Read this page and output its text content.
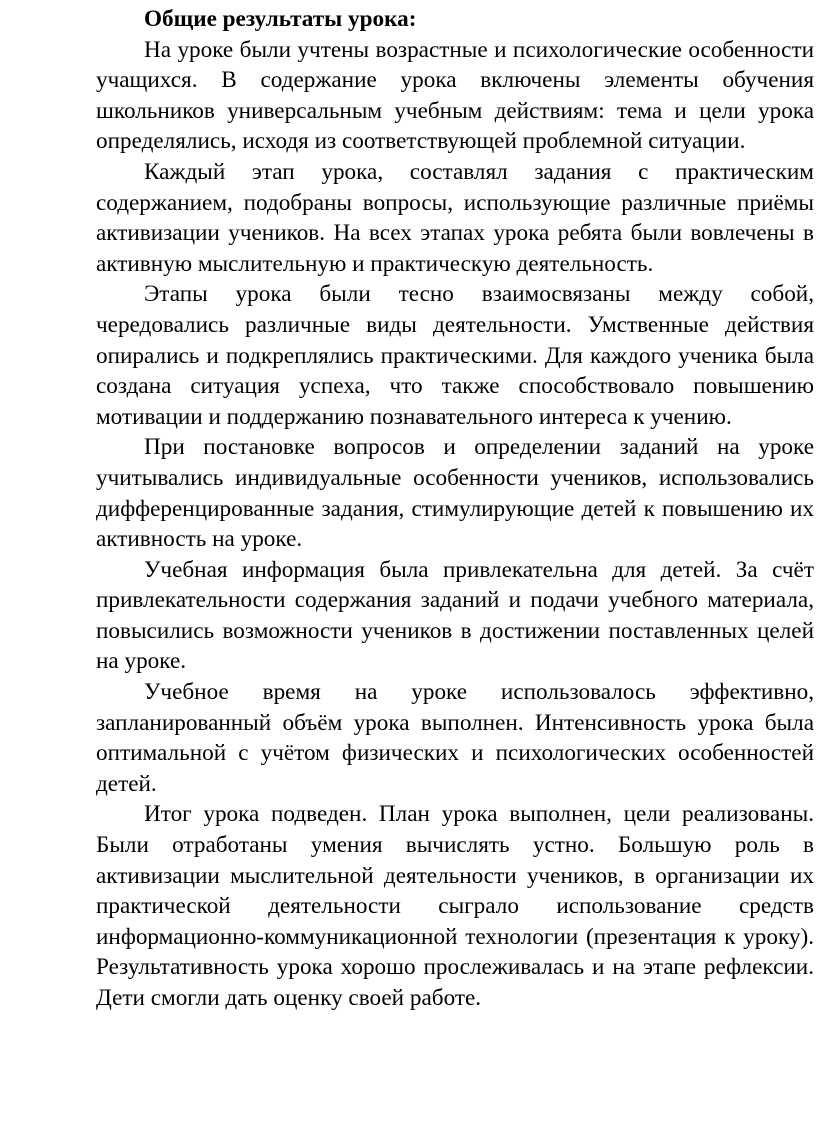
Общие результаты урока:

На уроке были учтены возрастные и психологические особенности учащихся. В содержание урока включены элементы обучения школьников универсальным учебным действиям: тема и цели урока определялись, исходя из соответствующей проблемной ситуации.

Каждый этап урока, составлял задания с практическим содержанием, подобраны вопросы, использующие различные приёмы активизации учеников. На всех этапах урока ребята были вовлечены в активную мыслительную и практическую деятельность.

Этапы урока были тесно взаимосвязаны между собой, чередовались различные виды деятельности. Умственные действия опирались и подкреплялись практическими. Для каждого ученика была создана ситуация успеха, что также способствовало повышению мотивации и поддержанию познавательного интереса к учению.

При постановке вопросов и определении заданий на уроке учитывались индивидуальные особенности учеников, использовались дифференцированные задания, стимулирующие детей к повышению их активность на уроке.

Учебная информация была привлекательна для детей. За счёт привлекательности содержания заданий и подачи учебного материала, повысились возможности учеников в достижении поставленных целей на уроке.

Учебное время на уроке использовалось эффективно, запланированный объём урока выполнен. Интенсивность урока была оптимальной с учётом физических и психологических особенностей детей.

Итог урока подведен. План урока выполнен, цели реализованы. Были отработаны умения вычислять устно. Большую роль в активизации мыслительной деятельности учеников, в организации их практической деятельности сыграло использование средств информационно-коммуникационной технологии (презентация к уроку). Результативность урока хорошо прослеживалась и на этапе рефлексии. Дети смогли дать оценку своей работе.
